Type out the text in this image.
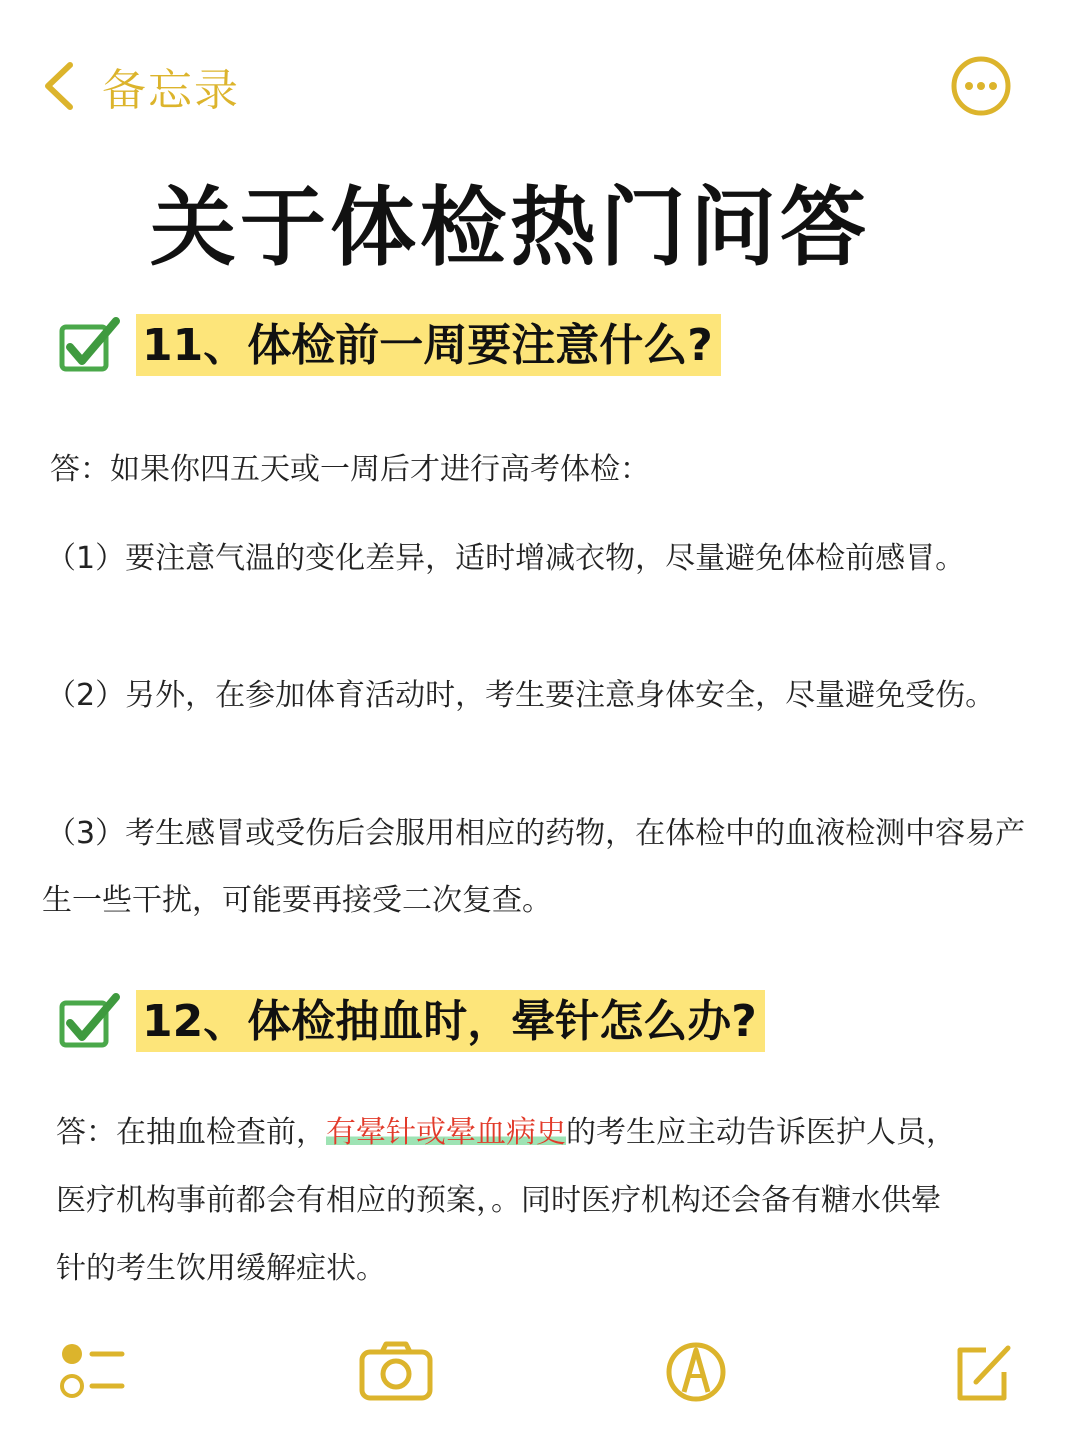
备忘录
关于体检热门问答
11、体检前一周要注意什么?
答：如果你四五天或一周后才进行高考体检：
（1）要注意气温的变化差异，适时增减衣物，尽量避免体检前感冒。
（2）另外，在参加体育活动时，考生要注意身体安全，尽量避免受伤。
（3）考生感冒或受伤后会服用相应的药物，在体检中的血液检测中容易产
生一些干扰，可能要再接受二次复查。
12、体检抽血时，晕针怎么办?
答：在抽血检查前，有晕针或晕血病史的考生应主动告诉医护人员，
医疗机构事前都会有相应的预案，。同时医疗机构还会备有糖水供晕
针的考生饮用缓解症状。
